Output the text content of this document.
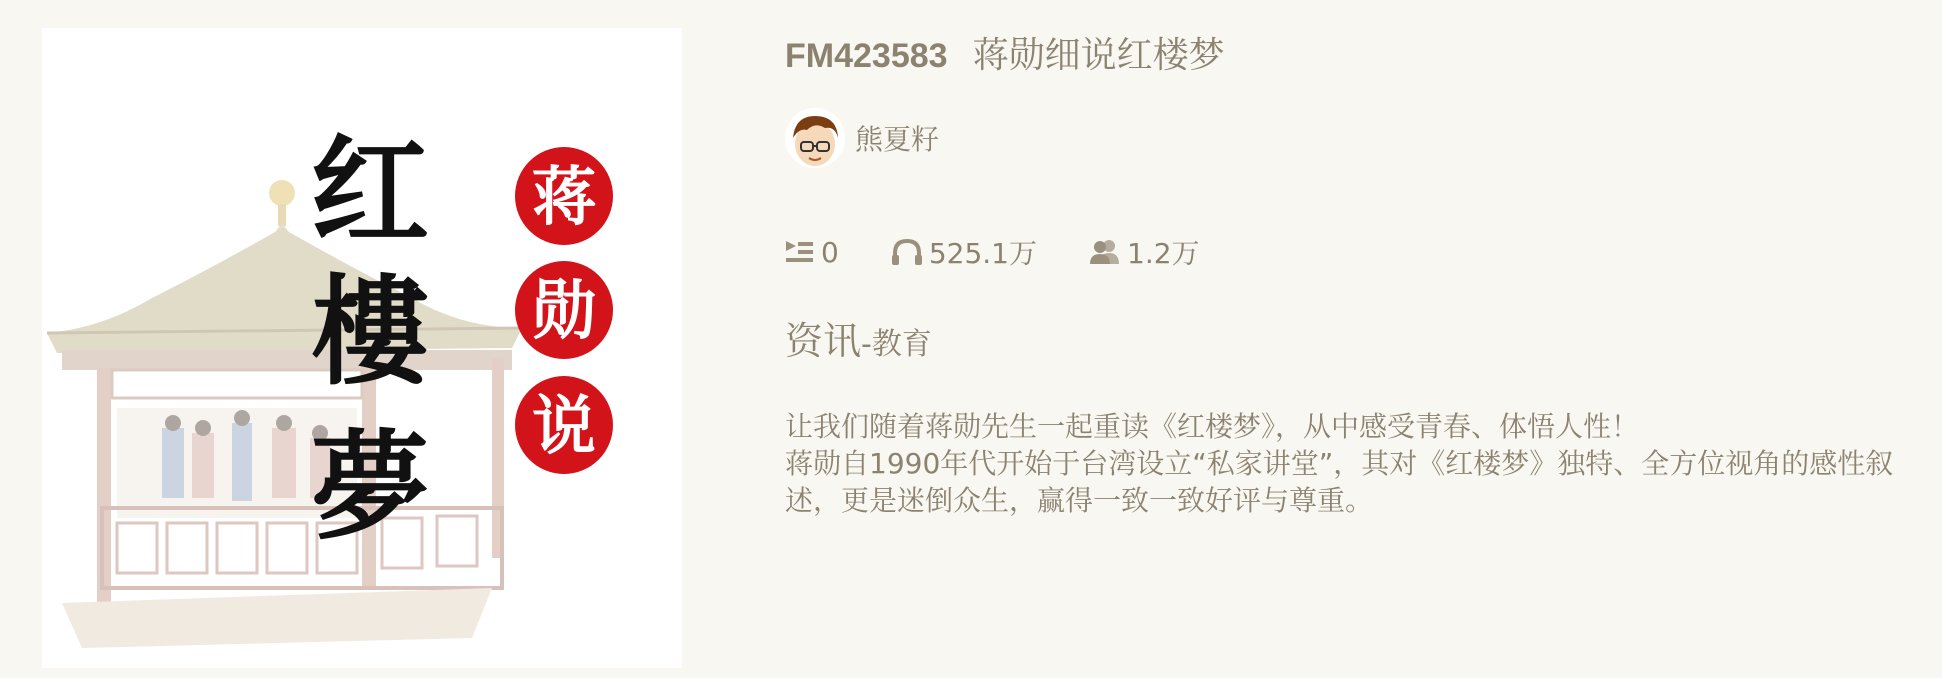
红
樓
夢
蒋
勋
说
FM423583 蒋勋细说红楼梦
熊夏籽
0	525.1万	1.2万
资讯-教育

让我们随着蒋勋先生一起重读《红楼梦》，从中感受青春、体悟人性！

蒋勋自1990年代开始于台湾设立“私家讲堂”，其对《红楼梦》独特、全方位视角的感性叙述，更是迷倒众生，赢得一致一致好评与尊重。
